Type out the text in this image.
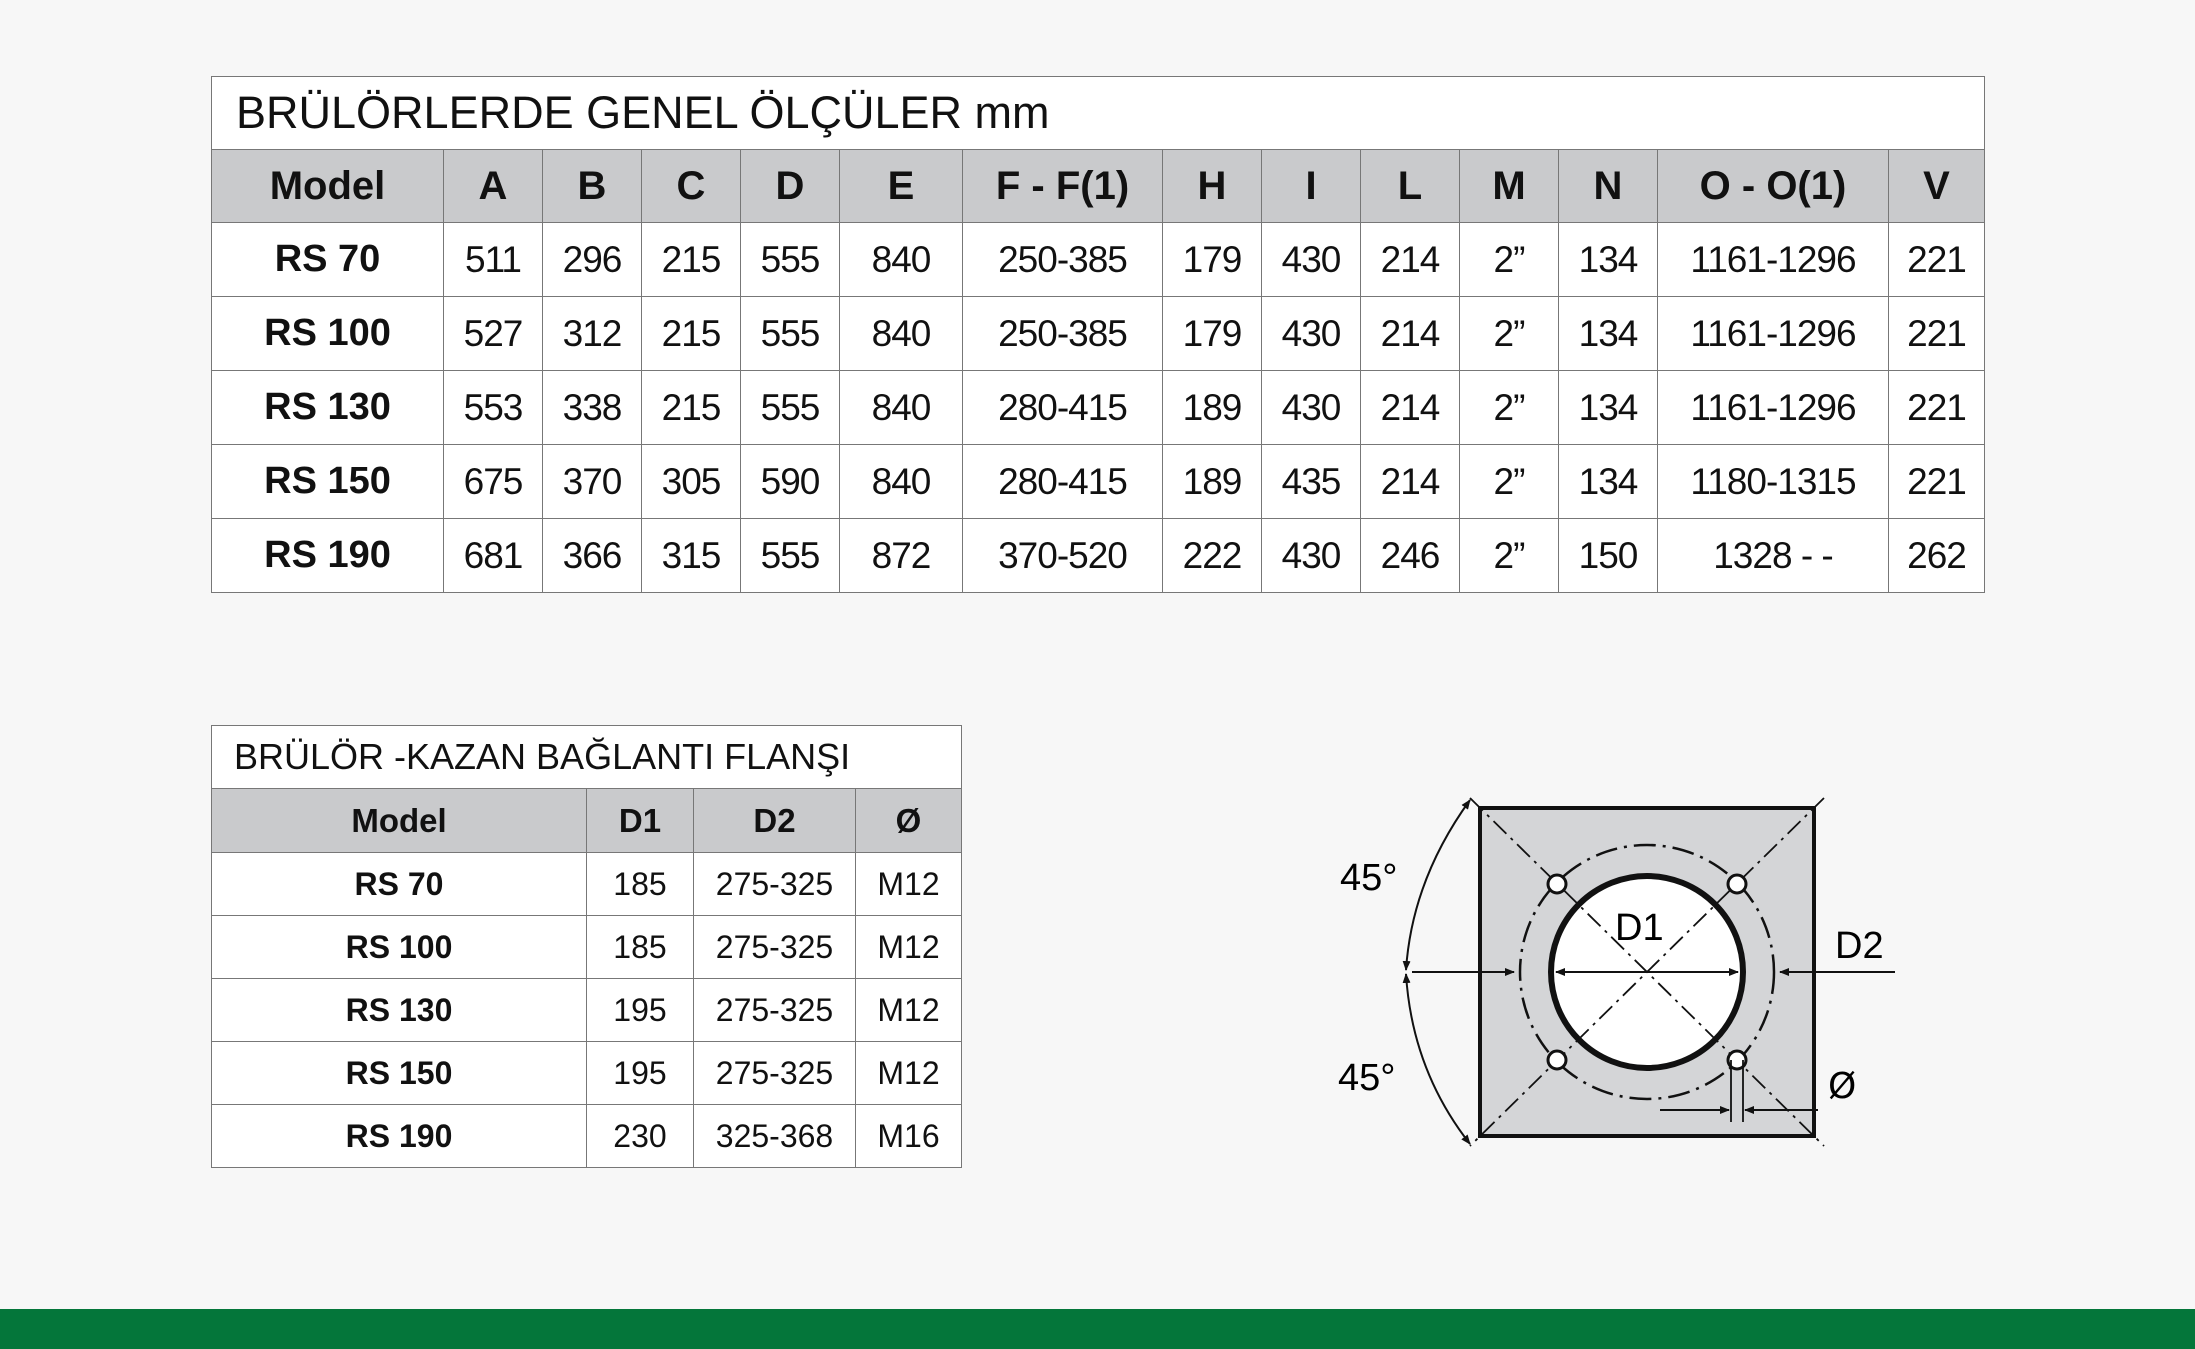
BRÜLÖRLERDE GENEL ÖLÇÜLER mm													
Model	A	B	C	D	E	F - F(1)	H	I	L	M	N	O - O(1)	V
RS 70	511	296	215	555	840	250-385	179	430	214	2”	134	1161-1296	221
RS 100	527	312	215	555	840	250-385	179	430	214	2”	134	1161-1296	221
RS 130	553	338	215	555	840	280-415	189	430	214	2”	134	1161-1296	221
RS 150	675	370	305	590	840	280-415	189	435	214	2”	134	1180-1315	221
RS 190	681	366	315	555	872	370-520	222	430	246	2”	150	1328 - -	262
BRÜLÖR -KAZAN BAĞLANTI FLANŞI			
Model	D1	D2	Ø
RS 70	185	275-325	M12
RS 100	185	275-325	M12
RS 130	195	275-325	M12
RS 150	195	275-325	M12
RS 190	230	325-368	M16
D1	D2
45°
45°	Ø
